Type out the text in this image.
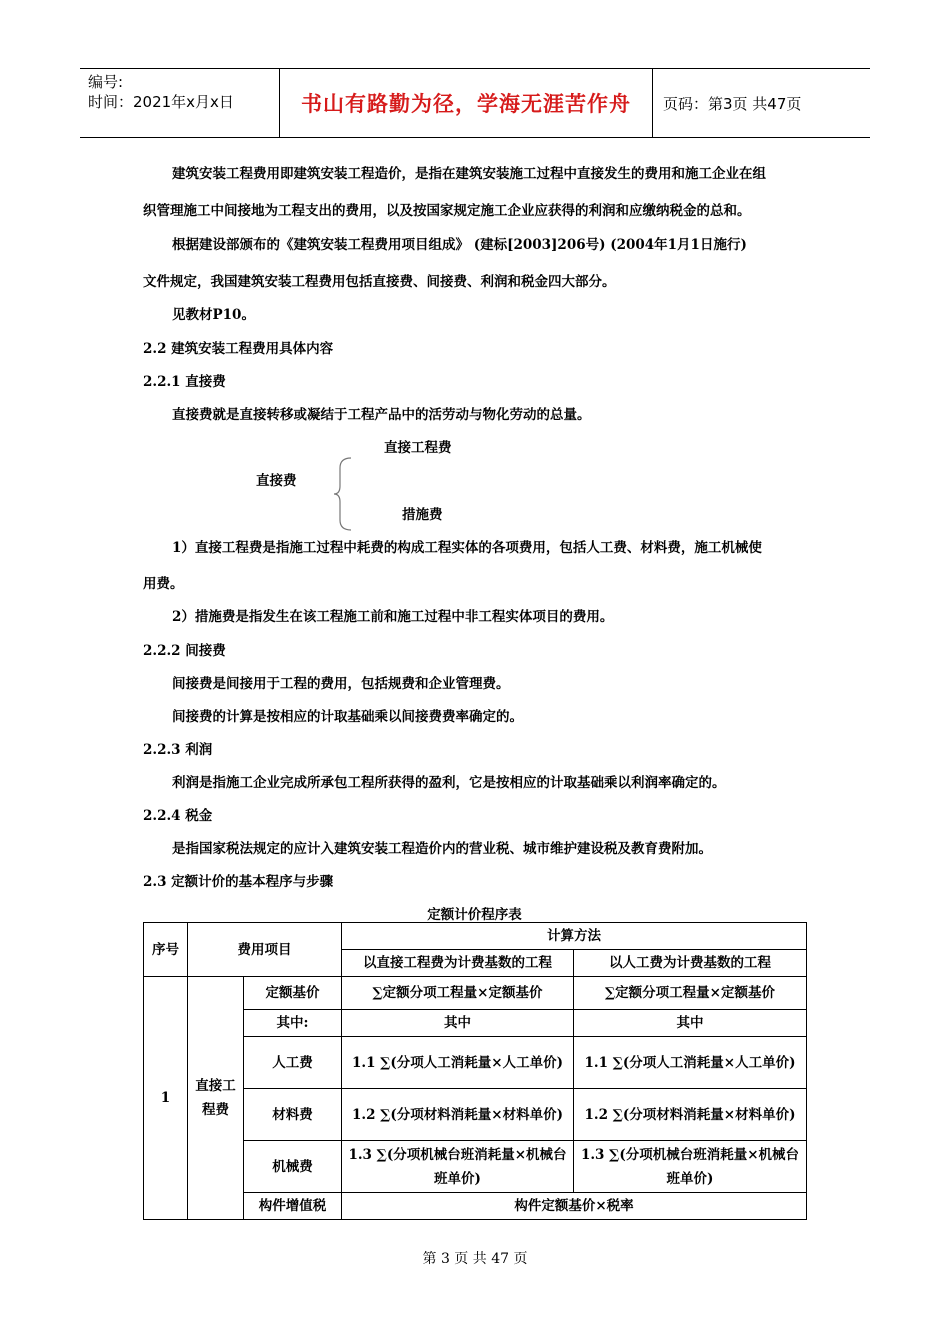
编号:
时间：2021年x月x日	书山有路勤为径，学海无涯苦作舟	页码：第3页 共47页
建筑安装工程费用即建筑安装工程造价，是指在建筑安装施工过程中直接发生的费用和施工企业在组
织管理施工中间接地为工程支出的费用，以及按国家规定施工企业应获得的利润和应缴纳税金的总和。
根据建设部颁布的《建筑安装工程费用项目组成》 (建标[2003]206号) (2004年1月1日施行)
文件规定，我国建筑安装工程费用包括直接费、间接费、利润和税金四大部分。
见教材P10。
2.2 建筑安装工程费用具体内容
2.2.1 直接费
直接费就是直接转移或凝结于工程产品中的活劳动与物化劳动的总量。
直接工程费
直接费
措施费
1）直接工程费是指施工过程中耗费的构成工程实体的各项费用，包括人工费、材料费，施工机械使
用费。
2）措施费是指发生在该工程施工前和施工过程中非工程实体项目的费用。
2.2.2 间接费
间接费是间接用于工程的费用，包括规费和企业管理费。
间接费的计算是按相应的计取基础乘以间接费费率确定的。
2.2.3 利润
利润是指施工企业完成所承包工程所获得的盈利，它是按相应的计取基础乘以利润率确定的。
2.2.4 税金
是指国家税法规定的应计入建筑安装工程造价内的营业税、城市维护建设税及教育费附加。
2.3 定额计价的基本程序与步骤
定额计价程序表
序号	费用项目		计算方法	
			以直接工程费为计费基数的工程	以人工费为计费基数的工程
1	直接工程费	定额基价	∑定额分项工程量×定额基价	∑定额分项工程量×定额基价
		其中:	其中	其中
		人工费	1.1 ∑(分项人工消耗量×人工单价)	1.1 ∑(分项人工消耗量×人工单价)
		材料费	1.2 ∑(分项材料消耗量×材料单价)	1.2 ∑(分项材料消耗量×材料单价)
		机械费	1.3 ∑(分项机械台班消耗量×机械台班单价)	1.3 ∑(分项机械台班消耗量×机械台班单价)
		构件增值税	构件定额基价×税率	
第 3 页 共 47 页
